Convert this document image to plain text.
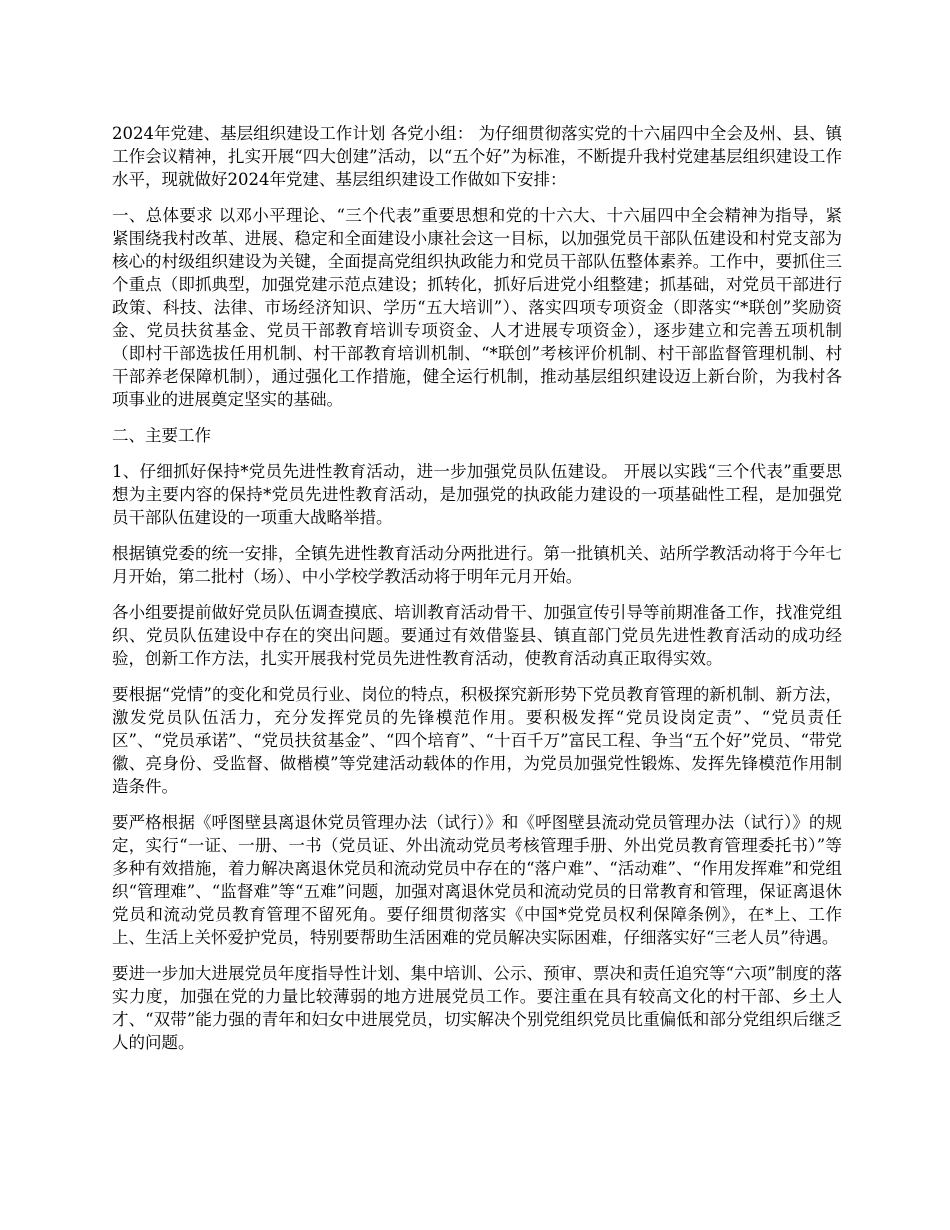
2024年党建、基层组织建设工作计划 各党小组： 为仔细贯彻落实党的十六届四中全会及州、县、镇工作会议精神，扎实开展“四大创建”活动，以“五个好”为标准，不断提升我村党建基层组织建设工作水平，现就做好2024年党建、基层组织建设工作做如下安排：

一、总体要求 以邓小平理论、“三个代表”重要思想和党的十六大、十六届四中全会精神为指导，紧紧围绕我村改革、进展、稳定和全面建设小康社会这一目标，以加强党员干部队伍建设和村党支部为核心的村级组织建设为关键，全面提高党组织执政能力和党员干部队伍整体素养。工作中，要抓住三个重点（即抓典型，加强党建示范点建设；抓转化，抓好后进党小组整建；抓基础，对党员干部进行政策、科技、法律、市场经济知识、学历“五大培训”）、落实四项专项资金（即落实“*联创”奖励资金、党员扶贫基金、党员干部教育培训专项资金、人才进展专项资金），逐步建立和完善五项机制（即村干部选拔任用机制、村干部教育培训机制、“*联创”考核评价机制、村干部监督管理机制、村干部养老保障机制），通过强化工作措施，健全运行机制，推动基层组织建设迈上新台阶，为我村各项事业的进展奠定坚实的基础。

二、主要工作

1、仔细抓好保持*党员先进性教育活动，进一步加强党员队伍建设。 开展以实践“三个代表”重要思想为主要内容的保持*党员先进性教育活动，是加强党的执政能力建设的一项基础性工程，是加强党员干部队伍建设的一项重大战略举措。

根据镇党委的统一安排，全镇先进性教育活动分两批进行。第一批镇机关、站所学教活动将于今年七月开始，第二批村（场）、中小学校学教活动将于明年元月开始。

各小组要提前做好党员队伍调查摸底、培训教育活动骨干、加强宣传引导等前期准备工作，找准党组织、党员队伍建设中存在的突出问题。要通过有效借鉴县、镇直部门党员先进性教育活动的成功经验，创新工作方法，扎实开展我村党员先进性教育活动，使教育活动真正取得实效。

要根据“党情”的变化和党员行业、岗位的特点，积极探究新形势下党员教育管理的新机制、新方法，激发党员队伍活力，充分发挥党员的先锋模范作用。要积极发挥“党员设岗定责”、“党员责任区”、“党员承诺”、“党员扶贫基金”、“四个培育”、“十百千万”富民工程、争当“五个好”党员、“带党徽、亮身份、受监督、做楷模”等党建活动载体的作用，为党员加强党性锻炼、发挥先锋模范作用制造条件。

要严格根据《呼图壁县离退休党员管理办法（试行）》和《呼图壁县流动党员管理办法（试行）》的规定，实行“一证、一册、一书（党员证、外出流动党员考核管理手册、外出党员教育管理委托书）”等多种有效措施，着力解决离退休党员和流动党员中存在的“落户难”、“活动难”、“作用发挥难”和党组织“管理难”、“监督难”等“五难”问题，加强对离退休党员和流动党员的日常教育和管理，保证离退休党员和流动党员教育管理不留死角。要仔细贯彻落实《中国*党党员权利保障条例》，在*上、工作上、生活上关怀爱护党员，特别要帮助生活困难的党员解决实际困难，仔细落实好“三老人员”待遇。

要进一步加大进展党员年度指导性计划、集中培训、公示、预审、票决和责任追究等“六项”制度的落实力度，加强在党的力量比较薄弱的地方进展党员工作。要注重在具有较高文化的村干部、乡土人才、“双带”能力强的青年和妇女中进展党员，切实解决个别党组织党员比重偏低和部分党组织后继乏人的问题。
